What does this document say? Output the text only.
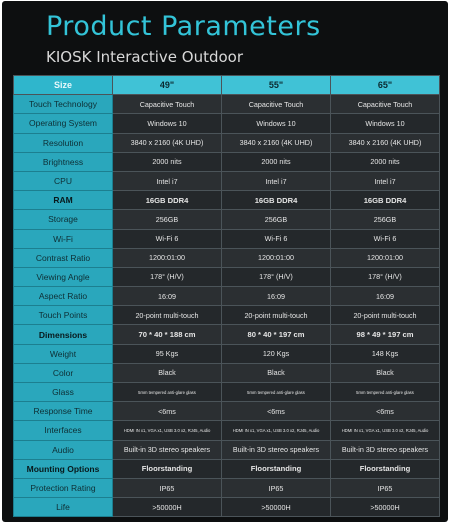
Product Parameters
KIOSK Interactive Outdoor
Size	49"	55"	65"
Touch Technology	Capacitive Touch	Capacitive Touch	Capacitive Touch
Operating System	Windows 10	Windows 10	Windows 10
Resolution	3840 x 2160 (4K UHD)	3840 x 2160 (4K UHD)	3840 x 2160 (4K UHD)
Brightness	2000 nits	2000 nits	2000 nits
CPU	Intel i7	Intel i7	Intel i7
RAM	16GB DDR4	16GB DDR4	16GB DDR4
Storage	256GB	256GB	256GB
Wi-Fi	Wi-Fi 6	Wi-Fi 6	Wi-Fi 6
Contrast Ratio	1200:01:00	1200:01:00	1200:01:00
Viewing Angle	178° (H/V)	178° (H/V)	178° (H/V)
Aspect Ratio	16:09	16:09	16:09
Touch Points	20-point multi-touch	20-point multi-touch	20-point multi-touch
Dimensions	70 * 40 * 188 cm	80 * 40 * 197 cm	98 * 49 * 197 cm
Weight	95 Kgs	120 Kgs	148 Kgs
Color	Black	Black	Black
Glass	5mm tempered anti-glare glass	5mm tempered anti-glare glass	5mm tempered anti-glare glass
Response Time	<6ms	<6ms	<6ms
Interfaces	HDMI IN x1, VGA x1, USB 3.0 x2, RJ45, Audio	HDMI IN x1, VGA x1, USB 3.0 x2, RJ45, Audio	HDMI IN x1, VGA x1, USB 3.0 x2, RJ45, Audio
Audio	Built-in 3D stereo speakers	Built-in 3D stereo speakers	Built-in 3D stereo speakers
Mounting Options	Floorstanding	Floorstanding	Floorstanding
Protection Rating	IP65	IP65	IP65
Life	>50000H	>50000H	>50000H
